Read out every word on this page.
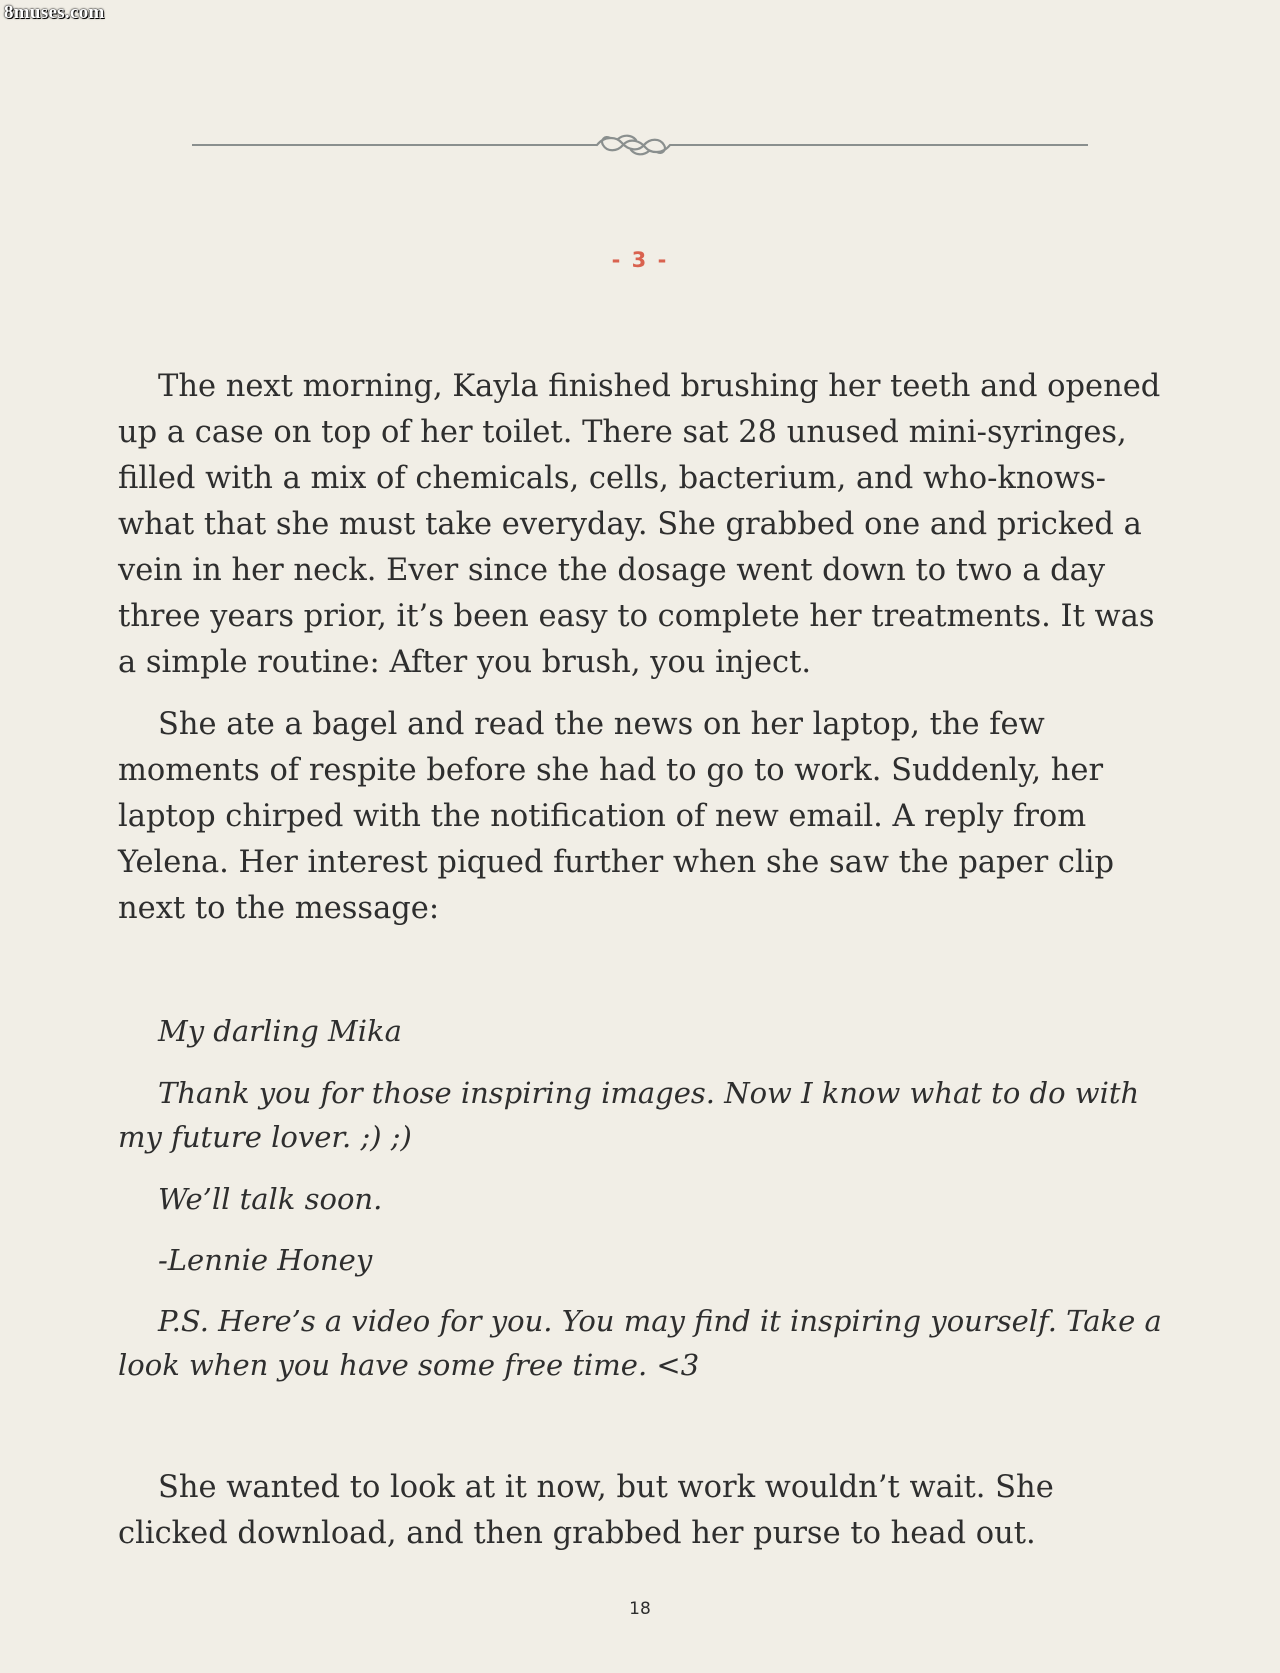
8muses.com
- 3 -

The next morning, Kayla finished brushing her teeth and opened up a case on top of her toilet. There sat 28 unused mini-syringes, filled with a mix of chemicals, cells, bacterium, and who-knows-what that she must take everyday. She grabbed one and pricked a vein in her neck. Ever since the dosage went down to two a day three years prior, it’s been easy to complete her treatments. It was a simple routine: After you brush, you inject.

She ate a bagel and read the news on her laptop, the few moments of respite before she had to go to work. Suddenly, her laptop chirped with the notification of new email. A reply from Yelena. Her interest piqued further when she saw the paper clip next to the message:

My darling Mika

Thank you for those inspiring images. Now I know what to do with my future lover. ;) ;)

We’ll talk soon.

-Lennie Honey

P.S. Here’s a video for you. You may find it inspiring yourself. Take a look when you have some free time. <3

She wanted to look at it now, but work wouldn’t wait. She clicked download, and then grabbed her purse to head out.

18
